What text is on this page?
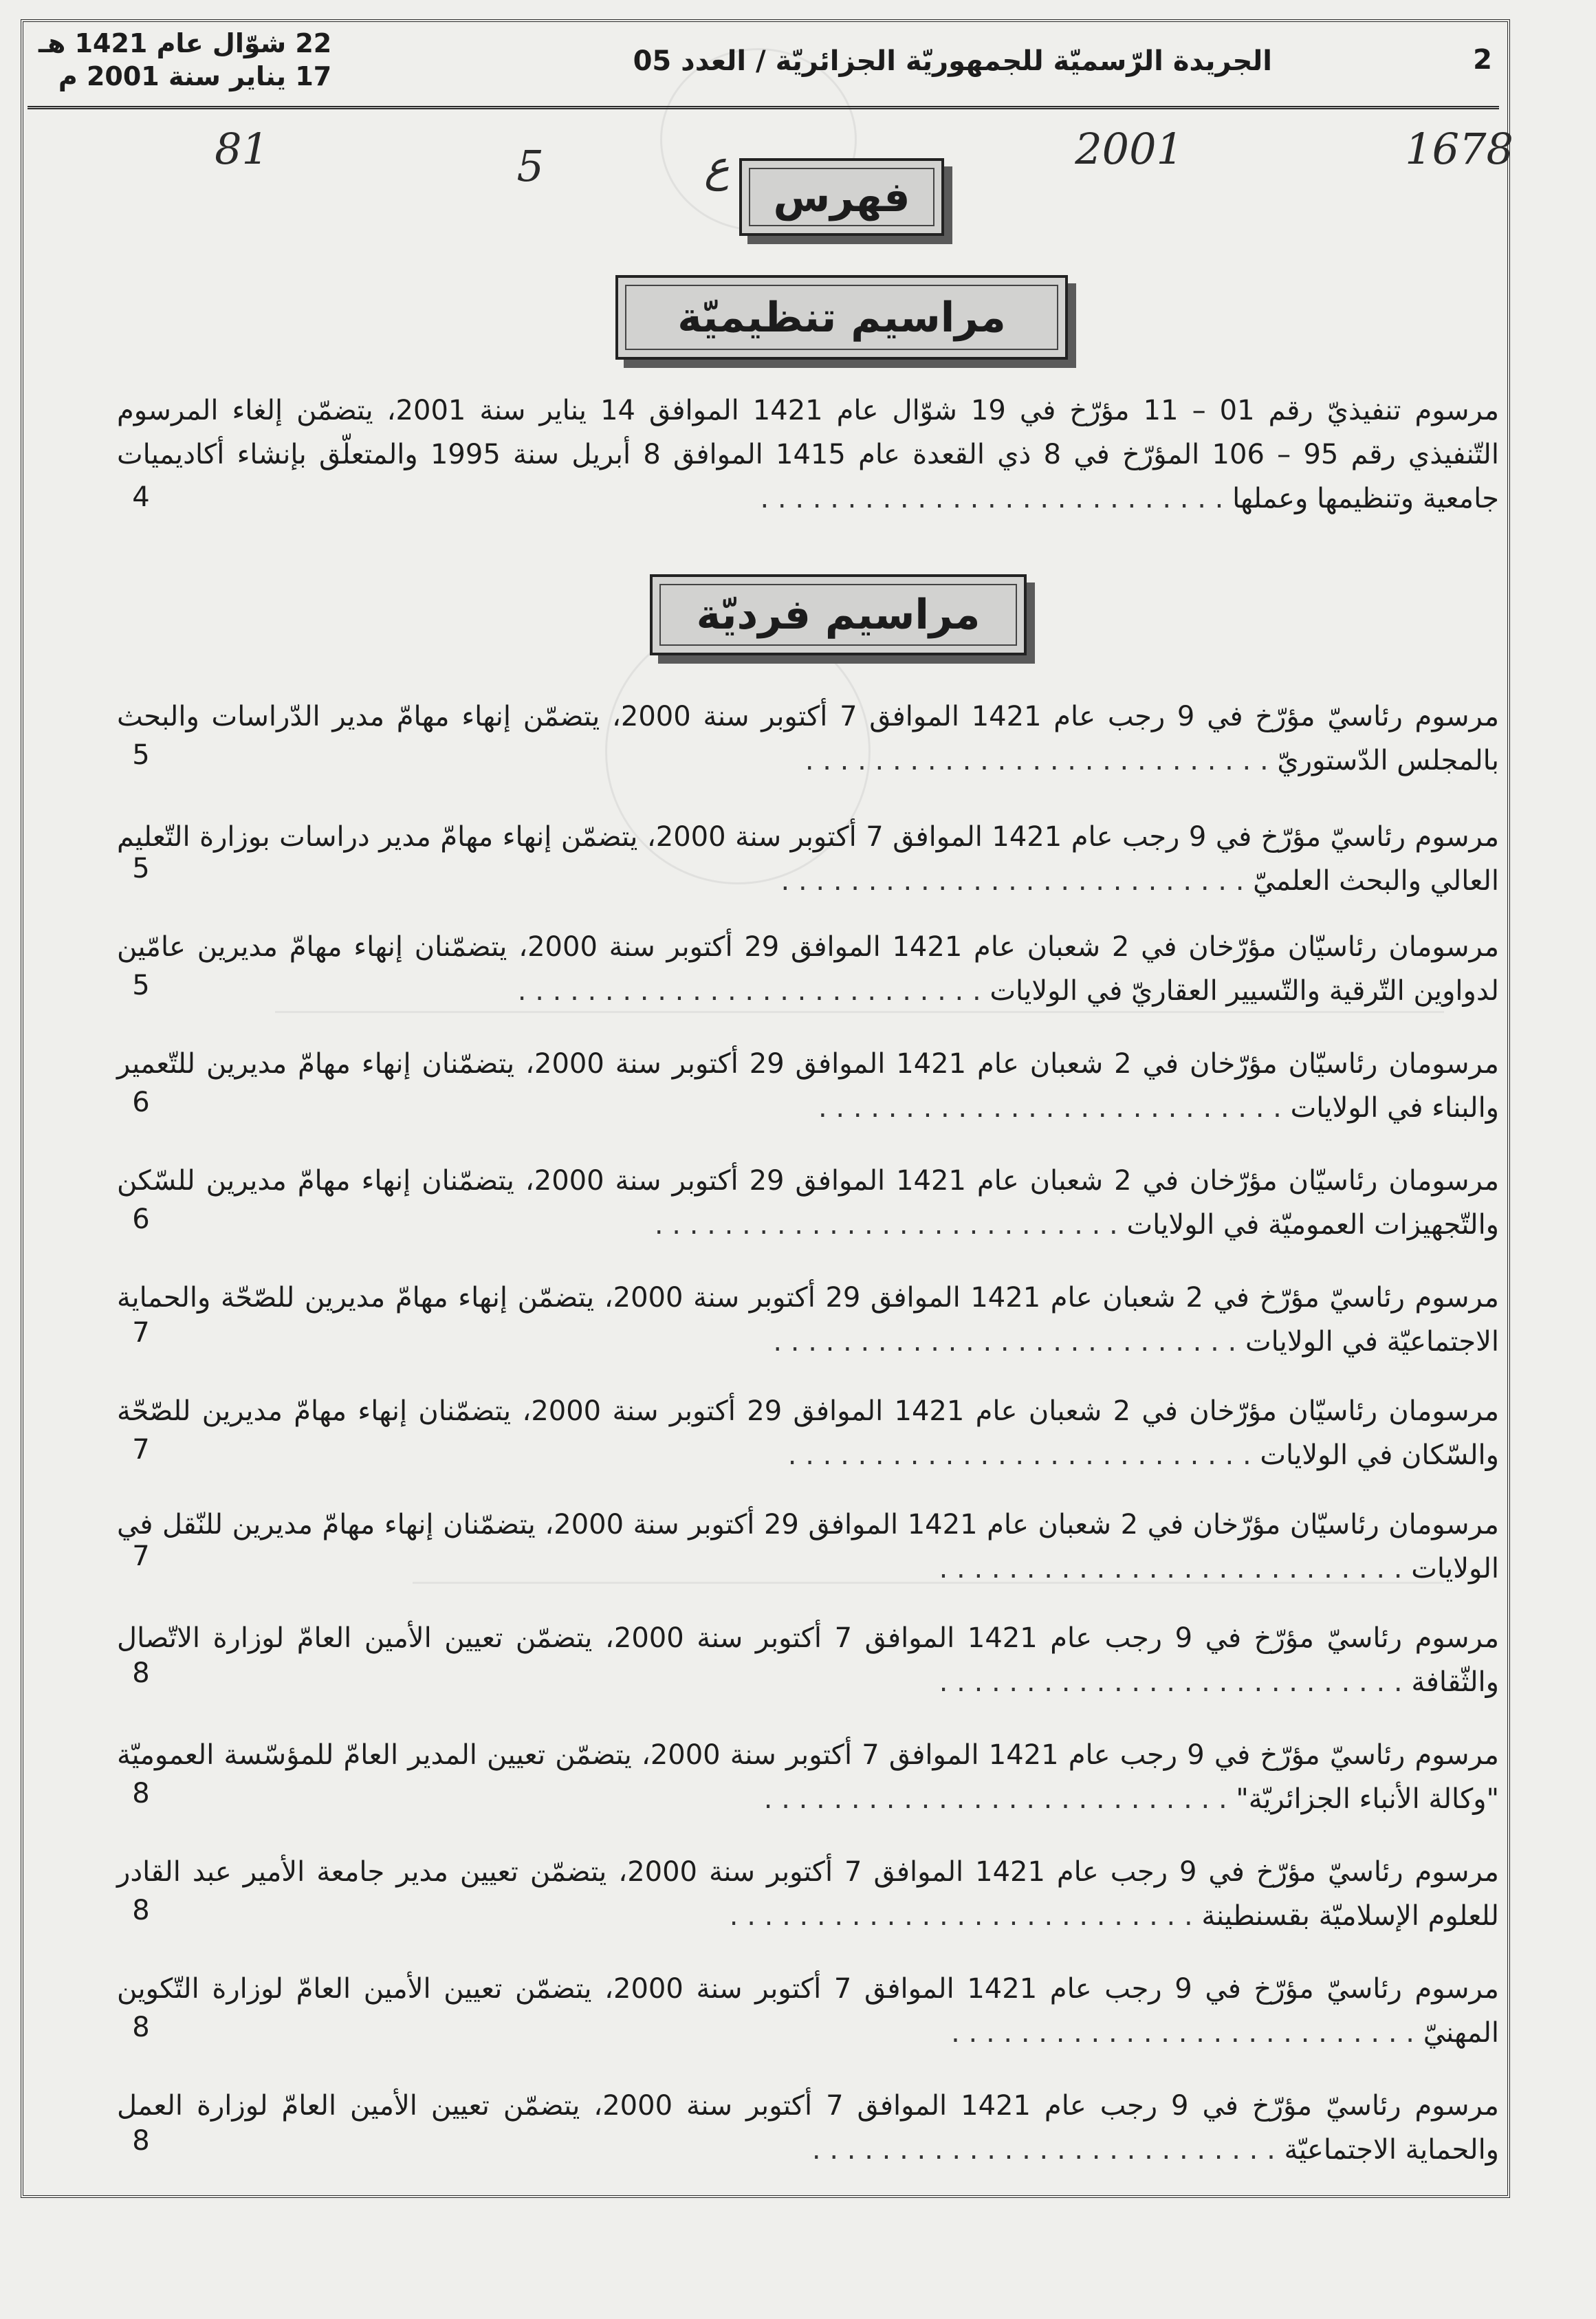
2
الجريدة الرّسميّة للجمهوريّة الجزائريّة / العدد 05
22 شوّال عام 1421 هـ
17 يناير سنة 2001 م
1678
2001
ع
5
81
فهرس
مراسيم تنظيميّة
مرسوم تنفيذيّ رقم 01 – 11 مؤرّخ في 19 شوّال عام 1421 الموافق 14 يناير سنة 2001، يتضمّن إلغاء المرسوم التّنفيذي رقم 95 – 106 المؤرّخ في 8 ذي القعدة عام 1415 الموافق 8 أبريل سنة 1995 والمتعلّق بإنشاء أكاديميات جامعية وتنظيمها وعملها . . .
4
مراسيم فرديّة
مرسوم رئاسيّ مؤرّخ في 9 رجب عام 1421 الموافق 7 أكتوبر سنة 2000، يتضمّن إنهاء مهامّ مدير الدّراسات والبحث بالمجلس الدّستوريّ . . .
5
مرسوم رئاسيّ مؤرّخ في 9 رجب عام 1421 الموافق 7 أكتوبر سنة 2000، يتضمّن إنهاء مهامّ مدير دراسات بوزارة التّعليم العالي والبحث العلميّ . . .
5
مرسومان رئاسيّان مؤرّخان في 2 شعبان عام 1421 الموافق 29 أكتوبر سنة 2000، يتضمّنان إنهاء مهامّ مديرين عامّين لدواوين التّرقية والتّسيير العقاريّ في الولايات . . .
5
مرسومان رئاسيّان مؤرّخان في 2 شعبان عام 1421 الموافق 29 أكتوبر سنة 2000، يتضمّنان إنهاء مهامّ مديرين للتّعمير والبناء في الولايات . . .
6
مرسومان رئاسيّان مؤرّخان في 2 شعبان عام 1421 الموافق 29 أكتوبر سنة 2000، يتضمّنان إنهاء مهامّ مديرين للسّكن والتّجهيزات العموميّة في الولايات . . .
6
مرسوم رئاسيّ مؤرّخ في 2 شعبان عام 1421 الموافق 29 أكتوبر سنة 2000، يتضمّن إنهاء مهامّ مديرين للصّحّة والحماية الاجتماعيّة في الولايات . . .
7
مرسومان رئاسيّان مؤرّخان في 2 شعبان عام 1421 الموافق 29 أكتوبر سنة 2000، يتضمّنان إنهاء مهامّ مديرين للصّحّة والسّكان في الولايات . . .
7
مرسومان رئاسيّان مؤرّخان في 2 شعبان عام 1421 الموافق 29 أكتوبر سنة 2000، يتضمّنان إنهاء مهامّ مديرين للنّقل في الولايات . . .
7
مرسوم رئاسيّ مؤرّخ في 9 رجب عام 1421 الموافق 7 أكتوبر سنة 2000، يتضمّن تعيين الأمين العامّ لوزارة الاتّصال والثّقافة . . .
8
مرسوم رئاسيّ مؤرّخ في 9 رجب عام 1421 الموافق 7 أكتوبر سنة 2000، يتضمّن تعيين المدير العامّ للمؤسّسة العموميّة "وكالة الأنباء الجزائريّة" . . .
8
مرسوم رئاسيّ مؤرّخ في 9 رجب عام 1421 الموافق 7 أكتوبر سنة 2000، يتضمّن تعيين مدير جامعة الأمير عبد القادر للعلوم الإسلاميّة بقسنطينة . . .
8
مرسوم رئاسيّ مؤرّخ في 9 رجب عام 1421 الموافق 7 أكتوبر سنة 2000، يتضمّن تعيين الأمين العامّ لوزارة التّكوين المهنيّ . . .
8
مرسوم رئاسيّ مؤرّخ في 9 رجب عام 1421 الموافق 7 أكتوبر سنة 2000، يتضمّن تعيين الأمين العامّ لوزارة العمل والحماية الاجتماعيّة . . .
8
